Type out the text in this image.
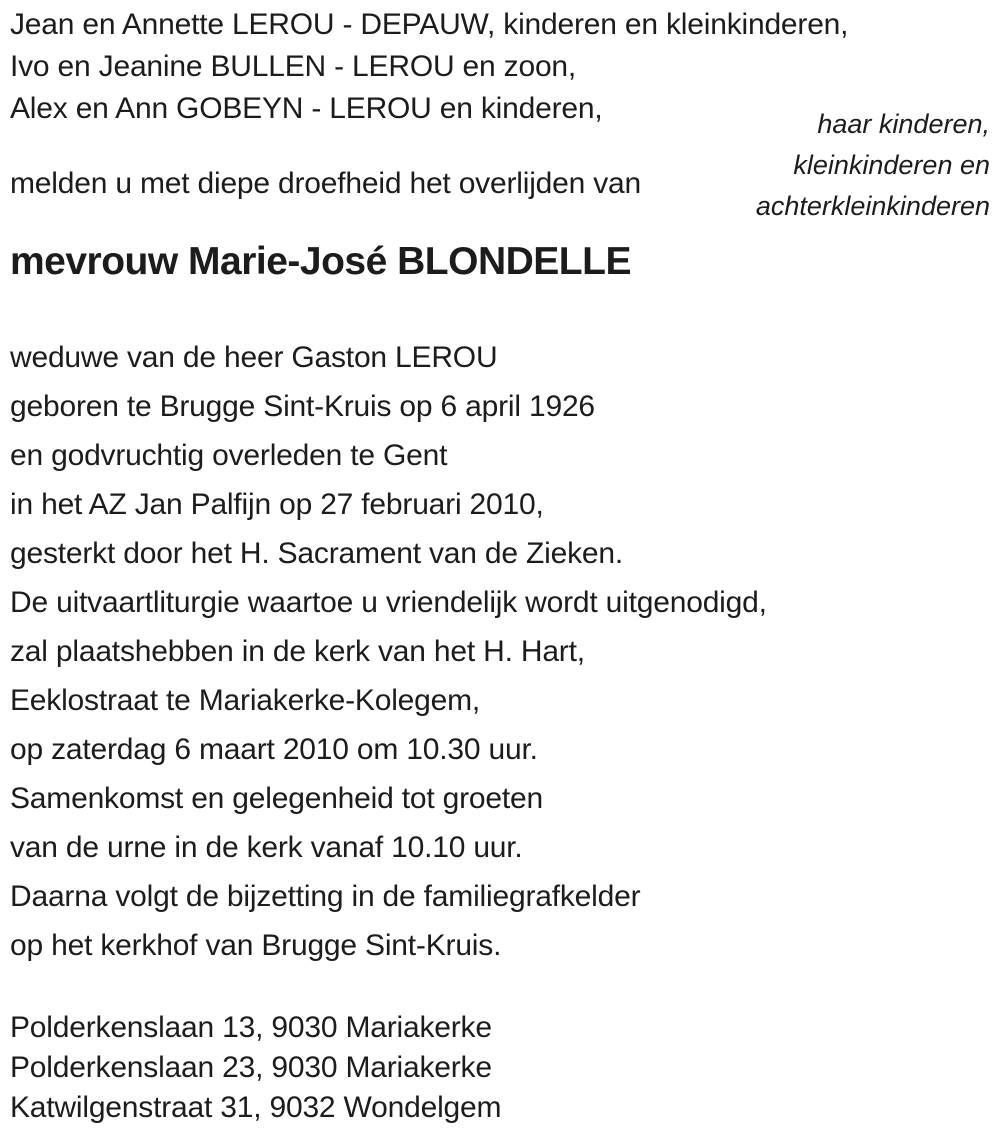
Jean en Annette LEROU - DEPAUW, kinderen en kleinkinderen,
Ivo en Jeanine BULLEN - LEROU en zoon,
Alex en Ann GOBEYN - LEROU en kinderen,	haar kinderen,
kleinkinderen en
achterkleinkinderen
melden u met diepe droefheid het overlijden van
mevrouw Marie-José BLONDELLE
weduwe van de heer Gaston LEROU
geboren te Brugge Sint-Kruis op 6 april 1926
en godvruchtig overleden te Gent
in het AZ Jan Palfijn op 27 februari 2010,
gesterkt door het H. Sacrament van de Zieken.
De uitvaartliturgie waartoe u vriendelijk wordt uitgenodigd,
zal plaatshebben in de kerk van het H. Hart,
Eeklostraat te Mariakerke-Kolegem,
op zaterdag 6 maart 2010 om 10.30 uur.
Samenkomst en gelegenheid tot groeten
van de urne in de kerk vanaf 10.10 uur.
Daarna volgt de bijzetting in de familiegrafkelder
op het kerkhof van Brugge Sint-Kruis.
Polderkenslaan 13, 9030 Mariakerke
Polderkenslaan 23, 9030 Mariakerke
Katwilgenstraat 31, 9032 Wondelgem
